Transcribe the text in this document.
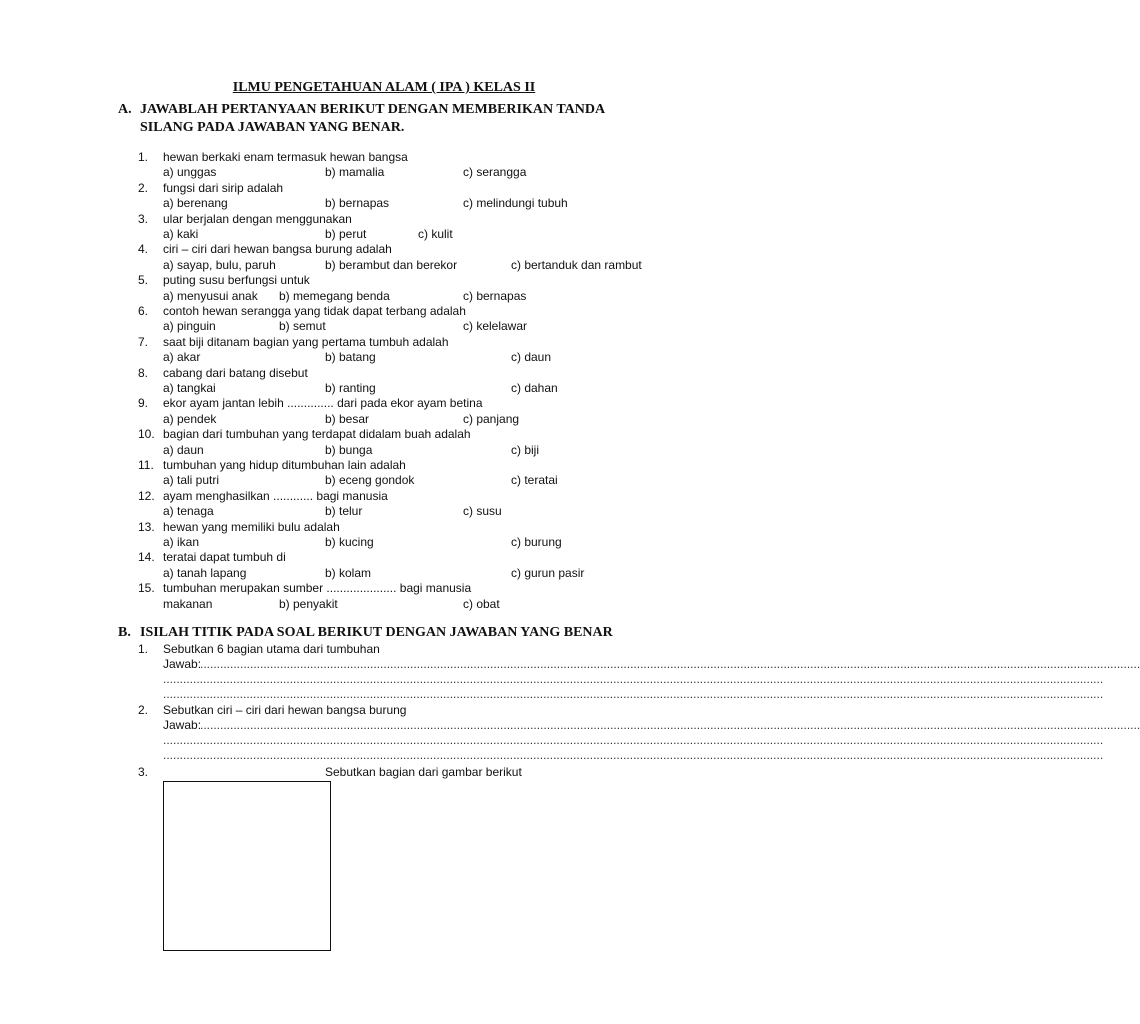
ILMU PENGETAHUAN ALAM ( IPA ) KELAS II
A. JAWABLAH PERTANYAAN BERIKUT DENGAN MEMBERIKAN TANDA
SILANG PADA JAWABAN YANG BENAR.
1. hewan berkaki enam termasuk hewan bangsa
a) unggas	b) mamalia	c) serangga
2. fungsi dari sirip adalah
a) berenang	b) bernapas	c) melindungi tubuh
3. ular berjalan dengan menggunakan
a) kaki	b) perut	c) kulit
4. ciri – ciri dari hewan bangsa burung adalah
a) sayap, bulu, paruh	b) berambut dan berekor	c) bertanduk dan rambut
5. puting susu berfungsi untuk
a) menyusui anak b) memegang benda	c) bernapas
6. contoh hewan serangga yang tidak dapat terbang adalah
a) pinguin	b) semut	c) kelelawar
7. saat biji ditanam bagian yang pertama tumbuh adalah
a) akar	b) batang	c) daun
8. cabang dari batang disebut
a) tangkai	b) ranting	c) dahan
9. ekor ayam jantan lebih .............. dari pada ekor ayam betina
a) pendek	b) besar	c) panjang
10. bagian dari tumbuhan yang terdapat didalam buah adalah
a) daun	b) bunga	c) biji
11. tumbuhan yang hidup ditumbuhan lain adalah
a) tali putri	b) eceng gondok	c) teratai
12. ayam menghasilkan ............ bagi manusia
a) tenaga	b) telur	c) susu
13. hewan yang memiliki bulu adalah
a) ikan	b) kucing	c) burung
14. teratai dapat tumbuh di
a) tanah lapang	b) kolam	c) gurun pasir
15. tumbuhan merupakan sumber ..................... bagi manusia
makanan	b) penyakit	c) obat
B. ISILAH TITIK PADA SOAL BERIKUT DENGAN JAWABAN YANG BENAR
1. Sebutkan 6 bagian utama dari tumbuhan
Jawab:
..........................................................................................................................................................................................................................................................................................
..........................................................................................................................................................................................................................................................................................
..........................................................................................................................................................................................................................................................................................
2. Sebutkan ciri – ciri dari hewan bangsa burung
Jawab:
..........................................................................................................................................................................................................................................................................................
..........................................................................................................................................................................................................................................................................................
..........................................................................................................................................................................................................................................................................................
3.	Sebutkan bagian dari gambar berikut
